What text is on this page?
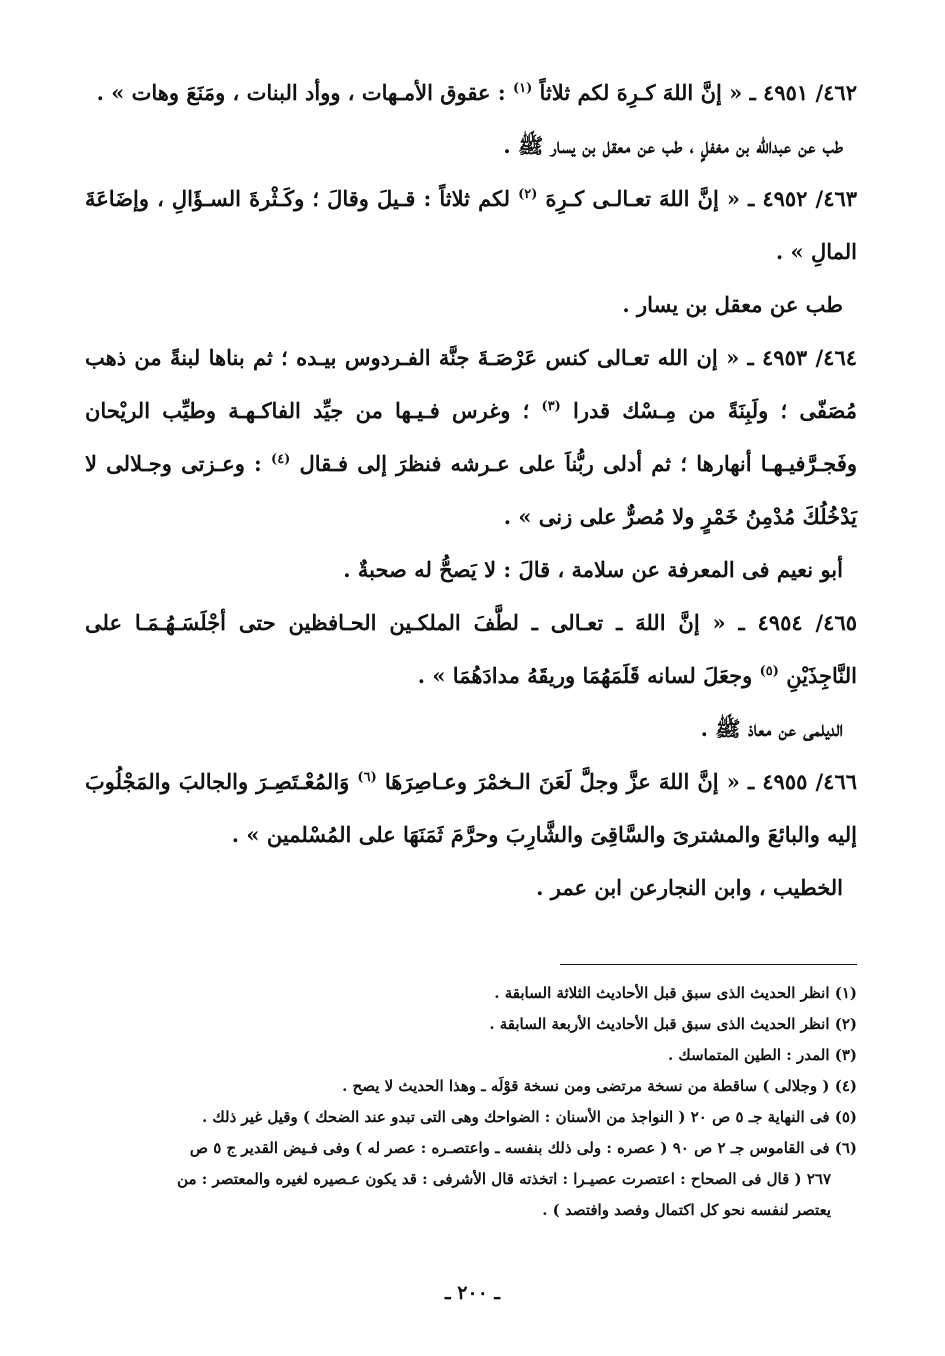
٤٦٢/ ٤٩٥١ ـ « إنَّ اللهَ كـرِهَ لكم ثلاثاً $^{(١)}$ : عقوق الأمـهات ، ووأد البنات ، ومَنَعَ وهات » .

طب عن عبدالله بن مغفلٍ ، طب عن معقل بن يسار ﷺ .

٤٦٣/ ٤٩٥٢ ـ « إنَّ اللهَ تعـالـى كـرِهَ $^{(٢)}$ لكم ثلاثاً : قـيلَ وقالَ ؛ وكَـثْرةَ السـؤَالِ ، وإضَاعَةَ المالِ » .

طب عن معقل بن يسار .

٤٦٤/ ٤٩٥٣ ـ « إن الله تعـالى كنس عَرْصَـةَ جنَّة الفـردوس بيـده ؛ ثم بناها لبنةً من ذهب مُصَفّى ؛ ولَبِنَةً من مِـسْك قدرا $^{(٣)}$ ؛ وغرس فـيـها من جيِّد الفاكـهـة وطيِّب الريْحان وفَجـرَّفيـهـا أنهارها ؛ ثم أدلى ربُّناَ على عـرشه فنظرَ إلى فـقال $^{(٤)}$ : وعـزتى وجـلالى لا يَدْخُلُكَ مُدْمِنُ خَمْرٍ ولا مُصرٌّ على زنى » .

أبو نعيم فى المعرفة عن سلامة ، قالَ : لا يَصحُّ له صحبةٌ .

٤٦٥/ ٤٩٥٤ ـ « إنَّ اللهَ ـ تعـالى ـ لطَّفَ الملكـين الحـافظين حتى أجْلَسَـهُـمَـا على النَّاجِذَيْنِ $^{(٥)}$ وجعَلَ لسانه قَلَمَهُمَا وريقَهُ مدادَهُمَا » .

الديلمى عن معاذ ﷺ .

٤٦٦/ ٤٩٥٥ ـ « إنَّ اللهَ عزَّ وجلَّ لَعَنَ الـخمْرَ وعـاصِرَهَا $^{(٦)}$ وَالمُعْـتَصِـرَ والجالبَ والمَجْلُوبَ إليه والبائعَ والمشترىَ والسَّاقِىَ والشَّارِبَ وحرَّمَ ثَمَنَهَا على المُسْلمين » .

الخطيب ، وابن النجارعن ابن عمر .

(١) انظر الحديث الذى سبق قبل الأحاديث الثلاثة السابقة .

(٢) انظر الحديث الذى سبق قبل الأحاديث الأربعة السابقة .

(٣) المدر : الطين المتماسك .

(٤) ( وجلالى ) ساقطة من نسخة مرتضى ومن نسخة قوْلَه ـ وهذا الحديث لا يصح .

(٥) فى النهاية جـ ٥ ص ٢٠ ( النواجذ من الأسنان : الضواحك وهى التى تبدو عند الضحك ) وقيل غير ذلك .

(٦) فى القاموس جـ ٢ ص ٩٠ ( عصره : ولى ذلك بنفسه ـ واعتصـره : عصر له ) وفى فـيض القدير ج ٥ ص

٢٦٧ ( قال فى الصحاح : اعتصرت عصيـرا : اتخذته قال الأشرفى : قد يكون عـصيره لغيره والمعتصر : من

يعتصر لنفسه نحو كل اكتمال وفصد وافتصد ) .

ـ ٢٠٠ ـ
